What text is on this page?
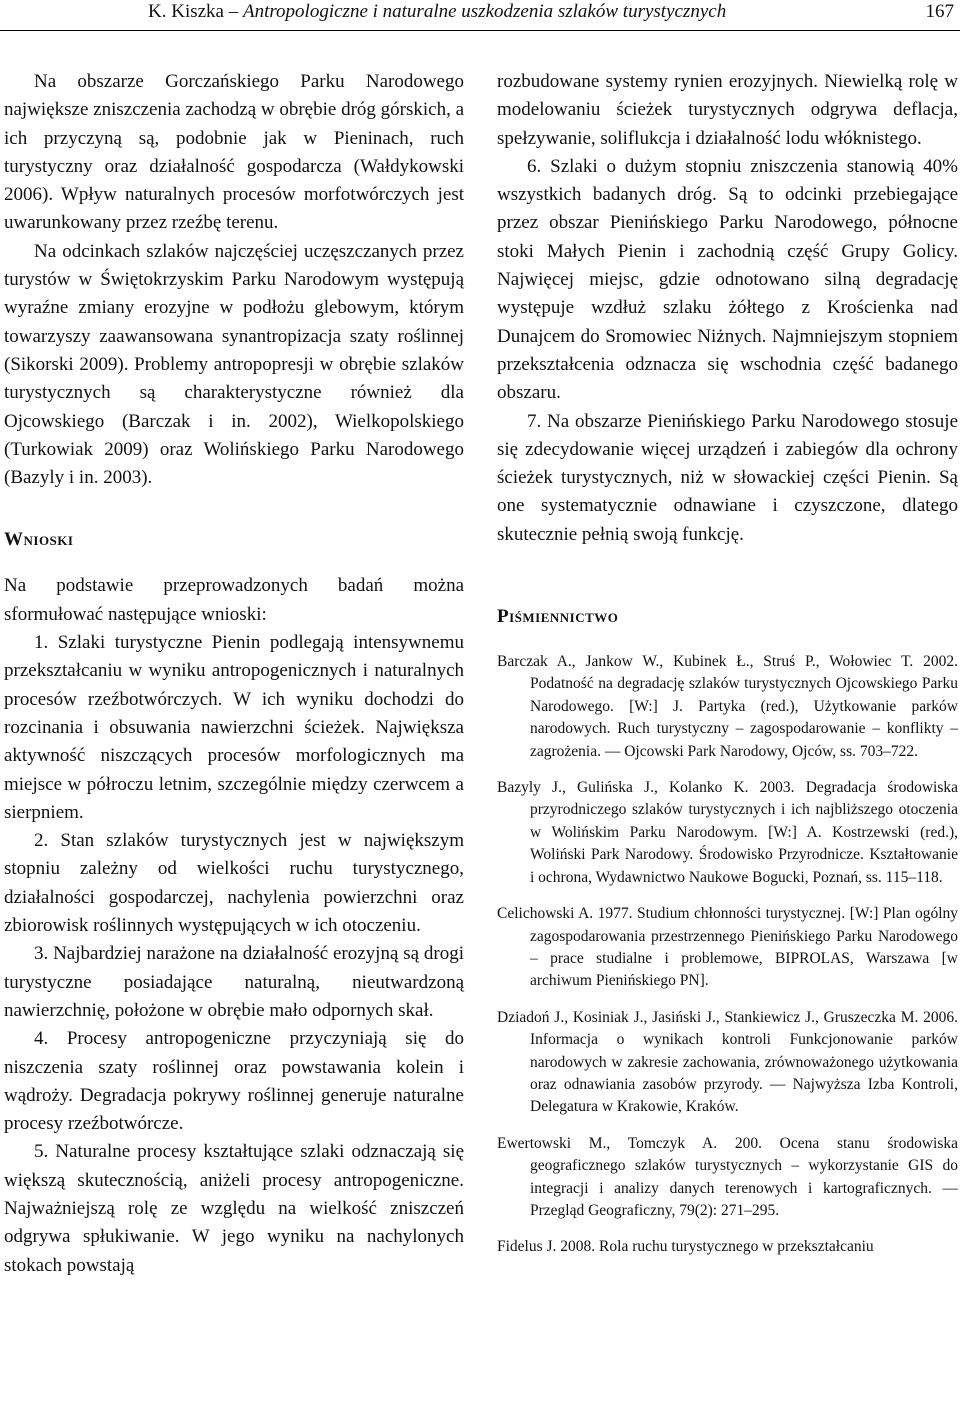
K. Kiszka – Antropologiczne i naturalne uszkodzenia szlaków turystycznych	167

Na obszarze Gorczańskiego Parku Narodowego największe zniszczenia zachodzą w obrębie dróg górskich, a ich przyczyną są, podobnie jak w Pieninach, ruch turystyczny oraz działalność gospodarcza (Wałdykowski 2006). Wpływ naturalnych procesów morfotwórczych jest uwarunkowany przez rzeźbę terenu.

Na odcinkach szlaków najczęściej uczęszczanych przez turystów w Świętokrzyskim Parku Narodowym występują wyraźne zmiany erozyjne w podłożu glebowym, którym towarzyszy zaawansowana synantropizacja szaty roślinnej (Sikorski 2009). Problemy antropopresji w obrębie szlaków turystycznych są charakterystyczne również dla Ojcowskiego (Barczak i in. 2002), Wielkopolskiego (Turkowiak 2009) oraz Wolińskiego Parku Narodowego (Bazyly i in. 2003).

Wnioski

Na podstawie przeprowadzonych badań można sformułować następujące wnioski:

1. Szlaki turystyczne Pienin podlegają intensywnemu przekształcaniu w wyniku antropogenicznych i naturalnych procesów rzeźbotwórczych. W ich wyniku dochodzi do rozcinania i obsuwania nawierzchni ścieżek. Największa aktywność niszczących procesów morfologicznych ma miejsce w półroczu letnim, szczególnie między czerwcem a sierpniem.

2. Stan szlaków turystycznych jest w największym stopniu zależny od wielkości ruchu turystycznego, działalności gospodarczej, nachylenia powierzchni oraz zbiorowisk roślinnych występujących w ich otoczeniu.

3. Najbardziej narażone na działalność erozyjną są drogi turystyczne posiadające naturalną, nieutwardzoną nawierzchnię, położone w obrębie mało odpornych skał.

4. Procesy antropogeniczne przyczyniają się do niszczenia szaty roślinnej oraz powstawania kolein i wądroży. Degradacja pokrywy roślinnej generuje naturalne procesy rzeźbotwórcze.

5. Naturalne procesy kształtujące szlaki odznaczają się większą skutecznością, aniżeli procesy antropogeniczne. Najważniejszą rolę ze względu na wielkość zniszczeń odgrywa spłukiwanie. W jego wyniku na nachylonych stokach powstają

rozbudowane systemy rynien erozyjnych. Niewielką rolę w modelowaniu ścieżek turystycznych odgrywa deflacja, spełzywanie, soliflukcja i działalność lodu włóknistego.

6. Szlaki o dużym stopniu zniszczenia stanowią 40% wszystkich badanych dróg. Są to odcinki przebiegające przez obszar Pienińskiego Parku Narodowego, północne stoki Małych Pienin i zachodnią część Grupy Golicy. Najwięcej miejsc, gdzie odnotowano silną degradację występuje wzdłuż szlaku żółtego z Krościenka nad Dunajcem do Sromowiec Niżnych. Najmniejszym stopniem przekształcenia odznacza się wschodnia część badanego obszaru.

7. Na obszarze Pienińskiego Parku Narodowego stosuje się zdecydowanie więcej urządzeń i zabiegów dla ochrony ścieżek turystycznych, niż w słowackiej części Pienin. Są one systematycznie odnawiane i czyszczone, dlatego skutecznie pełnią swoją funkcję.

Piśmiennictwo

Barczak A., Jankow W., Kubinek Ł., Struś P., Wołowiec T. 2002. Podatność na degradację szlaków turystycznych Ojcowskiego Parku Narodowego. [W:] J. Partyka (red.), Użytkowanie parków narodowych. Ruch turystyczny – zagospodarowanie – konflikty – zagrożenia. –– Ojcowski Park Narodowy, Ojców, ss. 703–722.

Bazyly J., Gulińska J., Kolanko K. 2003. Degradacja środowiska przyrodniczego szlaków turystycznych i ich najbliższego otoczenia w Wolińskim Parku Narodowym. [W:] A. Kostrzewski (red.), Woliński Park Narodowy. Środowisko Przyrodnicze. Kształtowanie i ochrona, Wydawnictwo Naukowe Bogucki, Poznań, ss. 115–118.

Celichowski A. 1977. Studium chłonności turystycznej. [W:] Plan ogólny zagospodarowania przestrzennego Pienińskiego Parku Narodowego – prace studialne i problemowe, BIPROLAS, Warszawa [w archiwum Pienińskiego PN].

Dziadoń J., Kosiniak J., Jasiński J., Stankiewicz J., Gruszeczka M. 2006. Informacja o wynikach kontroli Funkcjonowanie parków narodowych w zakresie zachowania, zrównoważonego użytkowania oraz odnawiania zasobów przyrody. –– Najwyższa Izba Kontroli, Delegatura w Krakowie, Kraków.

Ewertowski M., Tomczyk A. 200. Ocena stanu środowiska geograficznego szlaków turystycznych – wykorzystanie GIS do integracji i analizy danych terenowych i kartograficznych. –– Przegląd Geograficzny, 79(2): 271–295.

Fidelus J. 2008. Rola ruchu turystycznego w przekształcaniu
